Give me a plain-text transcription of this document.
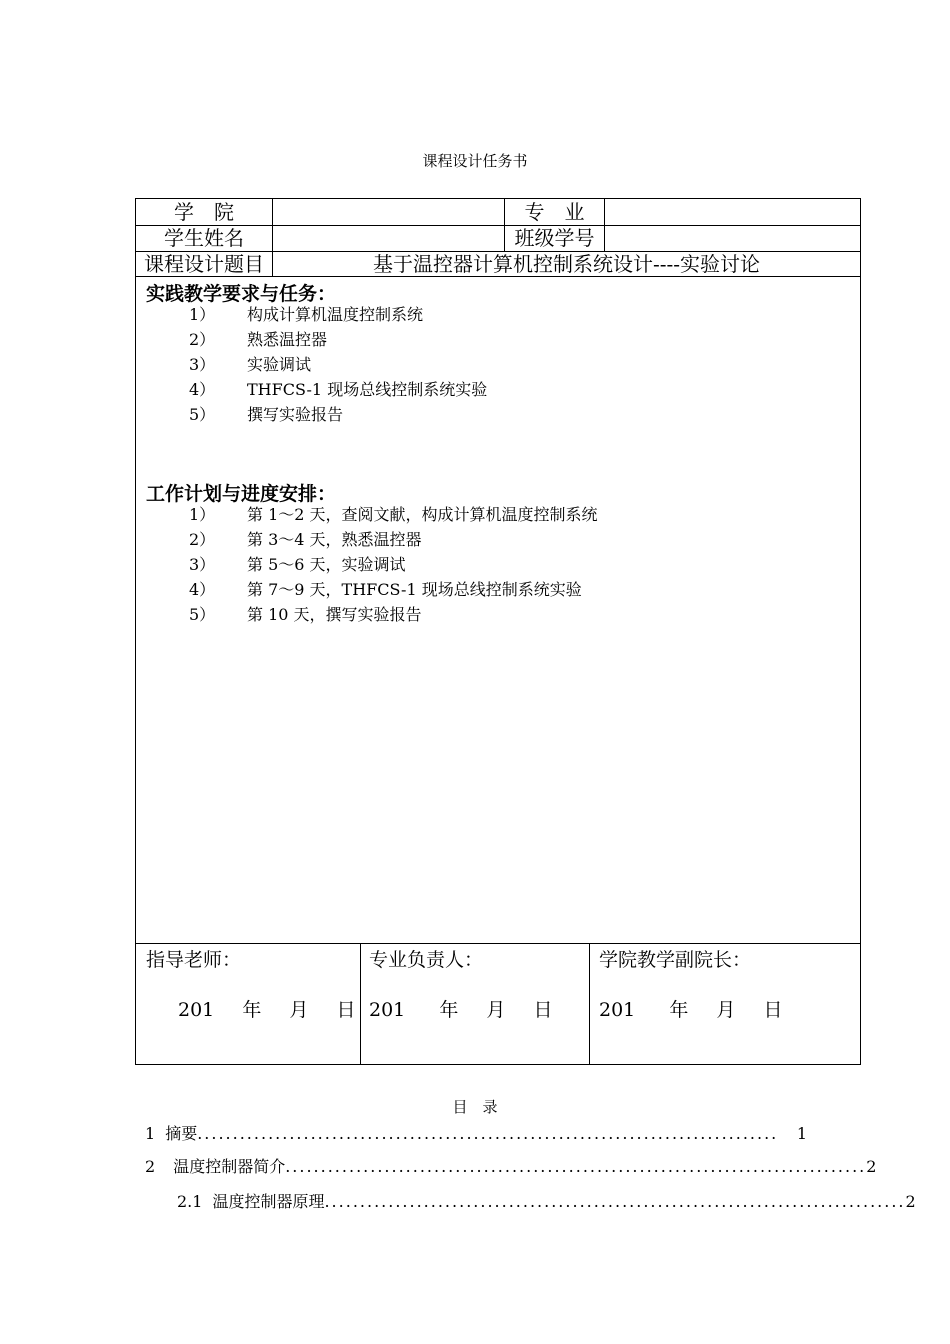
课程设计任务书
学　院	专　业
学生姓名	班级学号
课程设计题目	基于温控器计算机控制系统设计----实验讨论
实践教学要求与任务：
1） 构成计算机温度控制系统
2） 熟悉温控器
3） 实验调试
4） THFCS-1 现场总线控制系统实验
5） 撰写实验报告
工作计划与进度安排：
1） 第 1～2 天，查阅文献，构成计算机温度控制系统
2） 第 3～4 天，熟悉温控器
3） 第 5～6 天，实验调试
4） 第 7～9 天，THFCS-1 现场总线控制系统实验
5） 第 10 天，撰写实验报告
指导老师：
201 年 月 日
专业负责人：
201 年 月 日
学院教学副院长：
201 年 月 日
目　录
1 摘要 ..................................................................................	1
2 温度控制器简介 .................................................................................. 2
2.1 温度控制器原理 .................................................................................. 2
